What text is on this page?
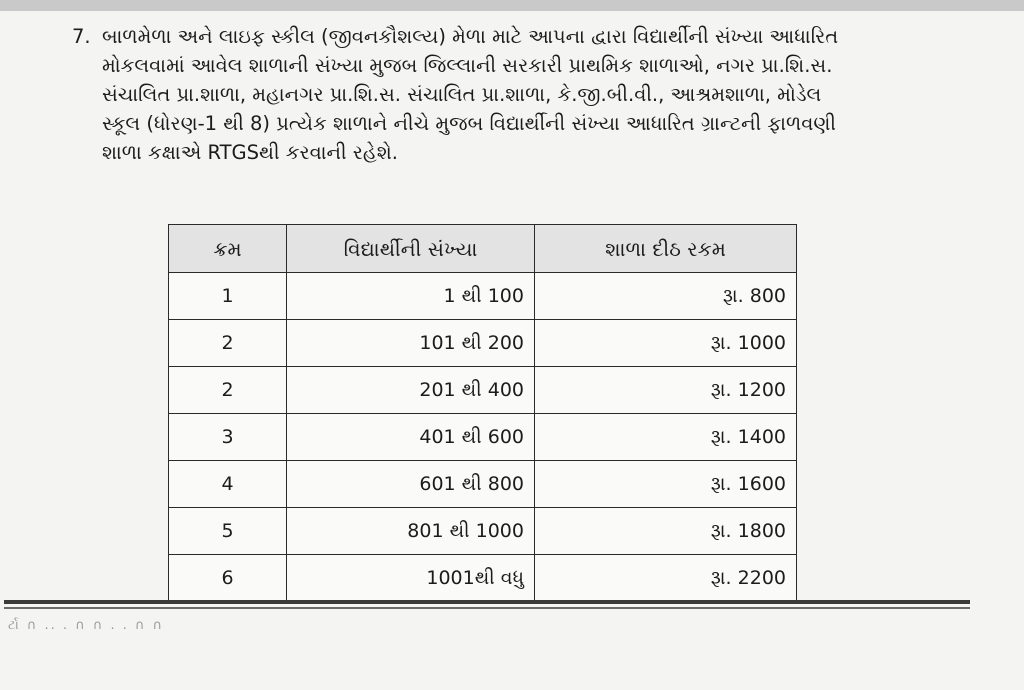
7. બાળમેળા અને લાઇફ સ્કીલ (જીવનકૌશલ્ય) મેળા માટે આપના દ્વારા વિદ્યાર્થીની સંખ્યા આધારિત
મોકલવામાં આવેલ શાળાની સંખ્યા મુજબ જિલ્લાની સરકારી પ્રાથમિક શાળાઓ, નગર પ્રા.શિ.સ.
સંચાલિત પ્રા.શાળા, મહાનગર પ્રા.શિ.સ. સંચાલિત પ્રા.શાળા, કે.જી.બી.વી., આશ્રમશાળા, મોડેલ
સ્કૂલ (ધોરણ-1 થી 8) પ્રત્યેક શાળાને નીચે મુજબ વિદ્યાર્થીની સંખ્યા આધારિત ગ્રાન્ટની ફાળવણી
શાળા કક્ષાએ RTGSથી કરવાની રહેશે.
ક્રમ	વિદ્યાર્થીની સંખ્યા	શાળા દીઠ રકમ
1	1 થી 100	રૂા. 800
2	101 થી 200	રૂા. 1000
2	201 થી 400	રૂા. 1200
3	401 થી 600	રૂા. 1400
4	601 થી 800	રૂા. 1600
5	801 થી 1000	રૂા. 1800
6	1001થી વધુ	રૂા. 2200
ર્ટા ∩ .. . ∩ ∩ . . ∩ ∩
